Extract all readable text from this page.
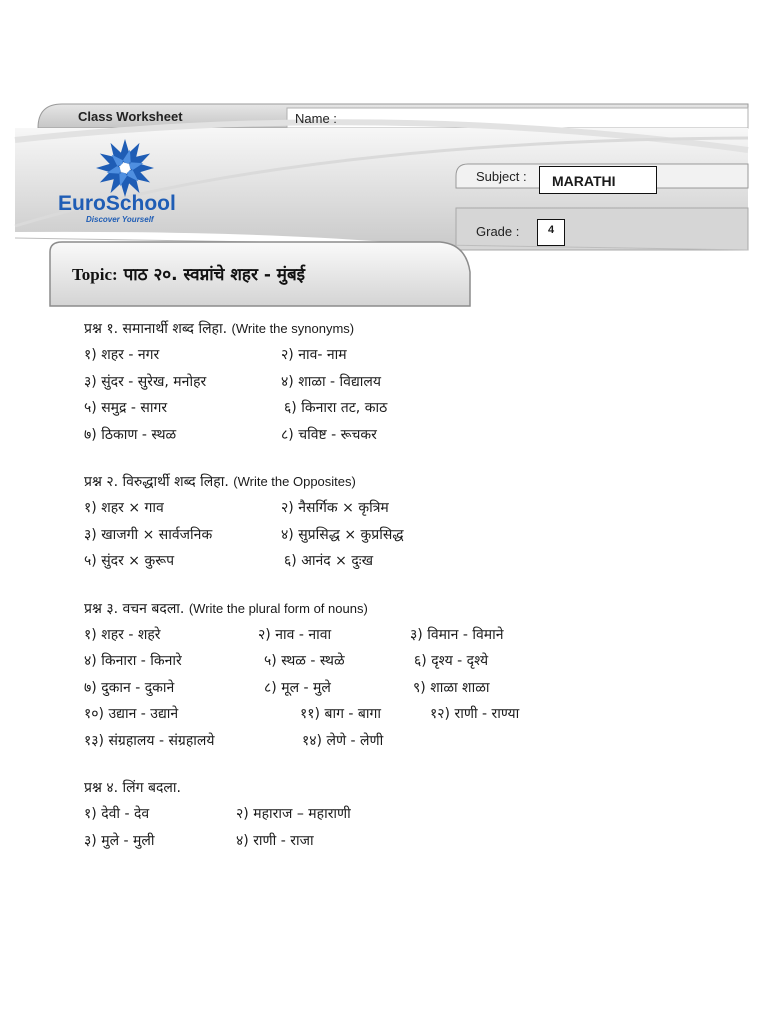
EuroSchool
Discover Yourself
Class Worksheet	Name :
Subject :	MARATHI
Grade :	4
Topic: पाठ २०. स्वप्नांचे शहर - मुंबई
प्रश्न १. समानार्थी शब्द लिहा. (Write the synonyms)
१) शहर - नगर	२) नाव- नाम
३) सुंदर - सुरेख, मनोहर	४) शाळा - विद्यालय
५) समुद्र - सागर	६) किनारा तट, काठ
७) ठिकाण - स्थळ	८) चविष्ट - रूचकर
प्रश्न २. विरुद्धार्थी शब्द लिहा. (Write the Opposites)
१) शहर × गाव	२) नैसर्गिक × कृत्रिम
३) खाजगी × सार्वजनिक	४) सुप्रसिद्ध × कुप्रसिद्ध
५) सुंदर × कुरूप	६) आनंद × दुःख
प्रश्न ३. वचन बदला. (Write the plural form of nouns)
१) शहर - शहरे	२) नाव - नावा	३) विमान - विमाने
४) किनारा - किनारे	५) स्थळ - स्थळे	६) दृश्य - दृश्ये
७) दुकान - दुकाने	८) मूल - मुले	९) शाळा शाळा
१०) उद्यान - उद्याने	११) बाग - बागा	१२) राणी - राण्या
१३) संग्रहालय - संग्रहालये	१४) लेणे - लेणी
प्रश्न ४. लिंग बदला.
१) देवी - देव	२) महाराज – महाराणी
३) मुले - मुली	४) राणी - राजा
